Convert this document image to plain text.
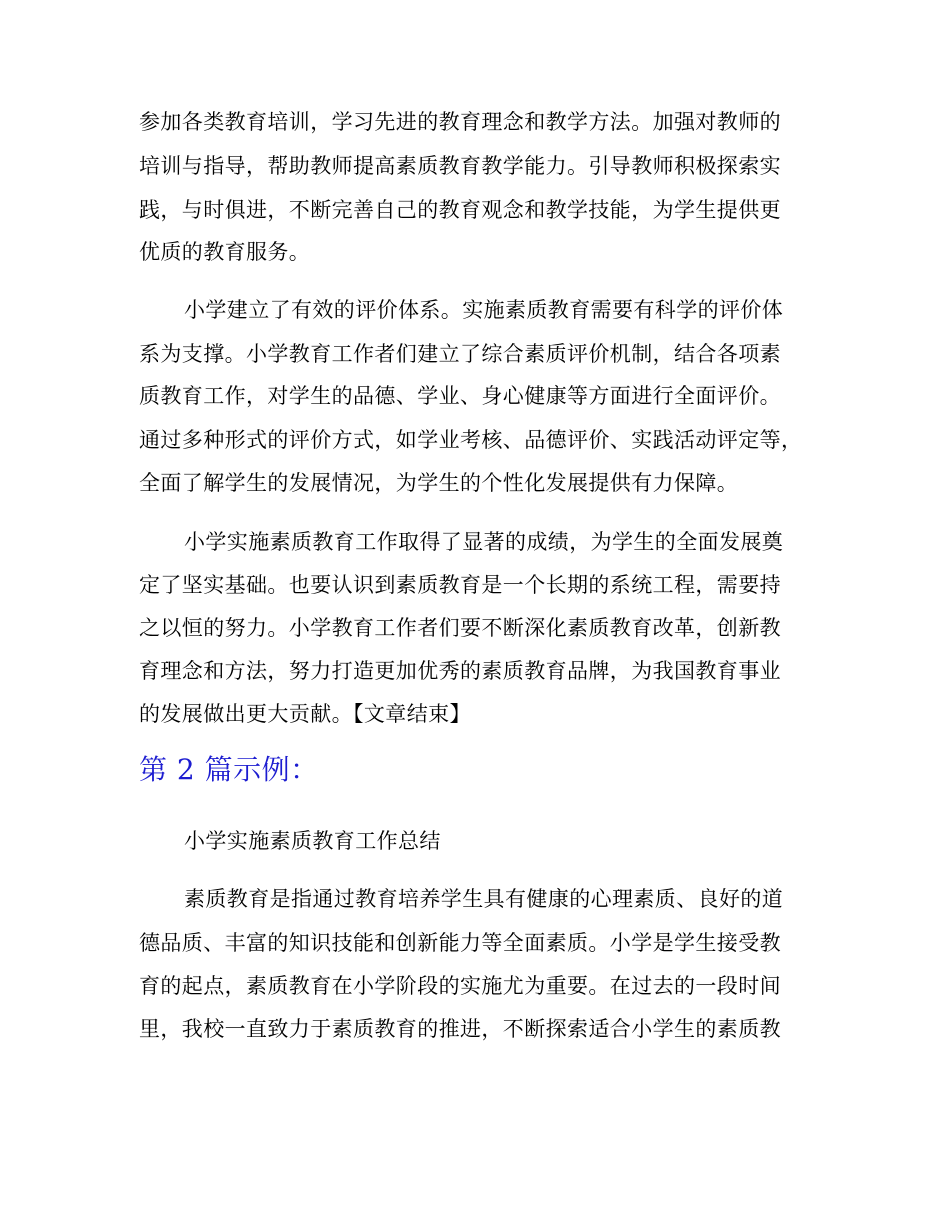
参加各类教育培训，学习先进的教育理念和教学方法。加强对教师的
培训与指导，帮助教师提高素质教育教学能力。引导教师积极探索实
践，与时俱进，不断完善自己的教育观念和教学技能，为学生提供更
优质的教育服务。
小学建立了有效的评价体系。实施素质教育需要有科学的评价体
系为支撑。小学教育工作者们建立了综合素质评价机制，结合各项素
质教育工作，对学生的品德、学业、身心健康等方面进行全面评价。
通过多种形式的评价方式，如学业考核、品德评价、实践活动评定等，
全面了解学生的发展情况，为学生的个性化发展提供有力保障。
小学实施素质教育工作取得了显著的成绩，为学生的全面发展奠
定了坚实基础。也要认识到素质教育是一个长期的系统工程，需要持
之以恒的努力。小学教育工作者们要不断深化素质教育改革，创新教
育理念和方法，努力打造更加优秀的素质教育品牌，为我国教育事业
的发展做出更大贡献。【文章结束】
第 2 篇示例：
小学实施素质教育工作总结
素质教育是指通过教育培养学生具有健康的心理素质、良好的道
德品质、丰富的知识技能和创新能力等全面素质。小学是学生接受教
育的起点，素质教育在小学阶段的实施尤为重要。在过去的一段时间
里，我校一直致力于素质教育的推进，不断探索适合小学生的素质教
